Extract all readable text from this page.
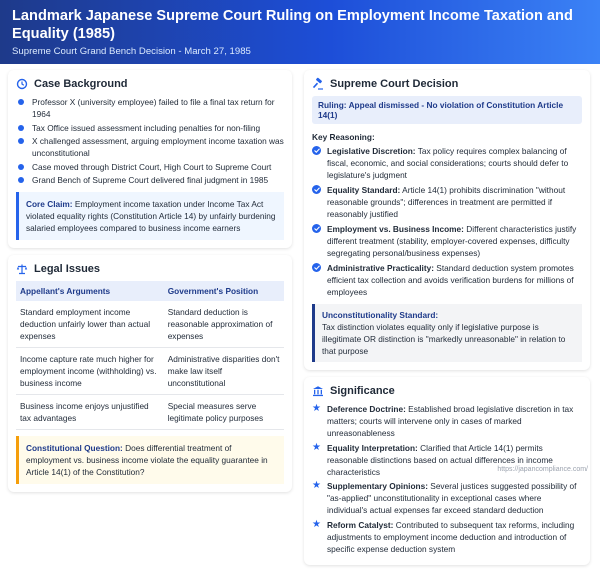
Landmark Japanese Supreme Court Ruling on Employment Income Taxation and Equality (1985)
Supreme Court Grand Bench Decision - March 27, 1985
Case Background
Professor X (university employee) failed to file a final tax return for 1964
Tax Office issued assessment including penalties for non-filing
X challenged assessment, arguing employment income taxation was unconstitutional
Case moved through District Court, High Court to Supreme Court
Grand Bench of Supreme Court delivered final judgment in 1985
Core Claim: Employment income taxation under Income Tax Act violated equality rights (Constitution Article 14) by unfairly burdening salaried employees compared to business income earners
Legal Issues
Appellant's Arguments	Government's Position
Standard employment income deduction unfairly lower than actual expenses	Standard deduction is reasonable approximation of expenses
Income capture rate much higher for employment income (withholding) vs. business income	Administrative disparities don't make law itself unconstitutional
Business income enjoys unjustified tax advantages	Special measures serve legitimate policy purposes
Constitutional Question: Does differential treatment of employment vs. business income violate the equality guarantee in Article 14(1) of the Constitution?
Supreme Court Decision
Ruling: Appeal dismissed - No violation of Constitution Article 14(1)
Key Reasoning:
Legislative Discretion: Tax policy requires complex balancing of fiscal, economic, and social considerations; courts should defer to legislature's judgment
Equality Standard: Article 14(1) prohibits discrimination "without reasonable grounds"; differences in treatment are permitted if reasonably justified
Employment vs. Business Income: Different characteristics justify different treatment (stability, employer-covered expenses, difficulty segregating personal/business expenses)
Administrative Practicality: Standard deduction system promotes efficient tax collection and avoids verification burdens for millions of employees
Unconstitutionality Standard:
Tax distinction violates equality only if legislative purpose is illegitimate OR distinction is "markedly unreasonable" in relation to that purpose
Significance
★ Deference Doctrine: Established broad legislative discretion in tax matters; courts will intervene only in cases of marked unreasonableness
★ Equality Interpretation: Clarified that Article 14(1) permits reasonable distinctions based on actual differences in income characteristics
★ Supplementary Opinions: Several justices suggested possibility of "as-applied" unconstitutionality in exceptional cases where individual's actual expenses far exceed standard deduction
★ Reform Catalyst: Contributed to subsequent tax reforms, including adjustments to employment income deduction and introduction of specific expense deduction system
https://japancompliance.com/
